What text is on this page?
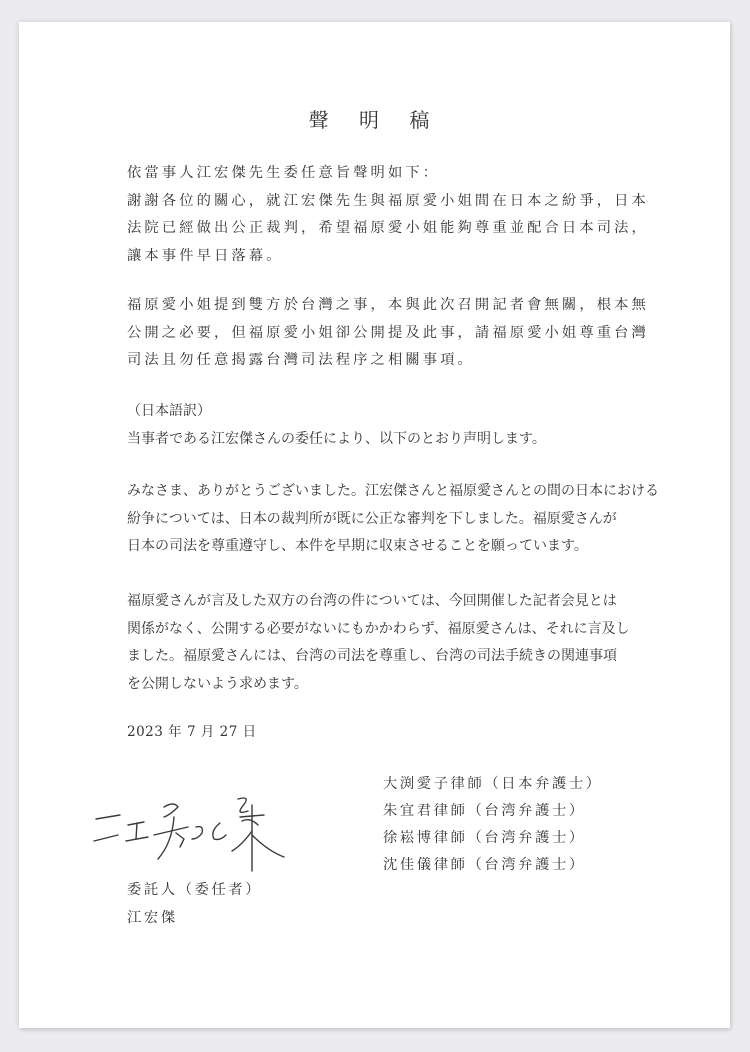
聲 明 稿
依當事人江宏傑先生委任意旨聲明如下：
謝謝各位的關心，就江宏傑先生與福原愛小姐間在日本之紛爭，日本
法院已經做出公正裁判，希望福原愛小姐能夠尊重並配合日本司法，
讓本事件早日落幕。
福原愛小姐提到雙方於台灣之事，本與此次召開記者會無關，根本無
公開之必要，但福原愛小姐卻公開提及此事，請福原愛小姐尊重台灣
司法且勿任意揭露台灣司法程序之相關事項。
（日本語訳）
当事者である江宏傑さんの委任により、以下のとおり声明します。
みなさま、ありがとうございました。江宏傑さんと福原愛さんとの間の日本における
紛争については、日本の裁判所が既に公正な審判を下しました。福原愛さんが
日本の司法を尊重遵守し、本件を早期に収束させることを願っています。
福原愛さんが言及した双方の台湾の件については、今回開催した記者会見とは
関係がなく、公開する必要がないにもかかわらず、福原愛さんは、それに言及し
ました。福原愛さんには、台湾の司法を尊重し、台湾の司法手続きの関連事項
を公開しないよう求めます。
2023 年 7 月 27 日
大渕愛子律師（日本弁護士）
朱宜君律師（台湾弁護士）
徐崧博律師（台湾弁護士）
沈佳儀律師（台湾弁護士）
委託人（委任者）
江宏傑
